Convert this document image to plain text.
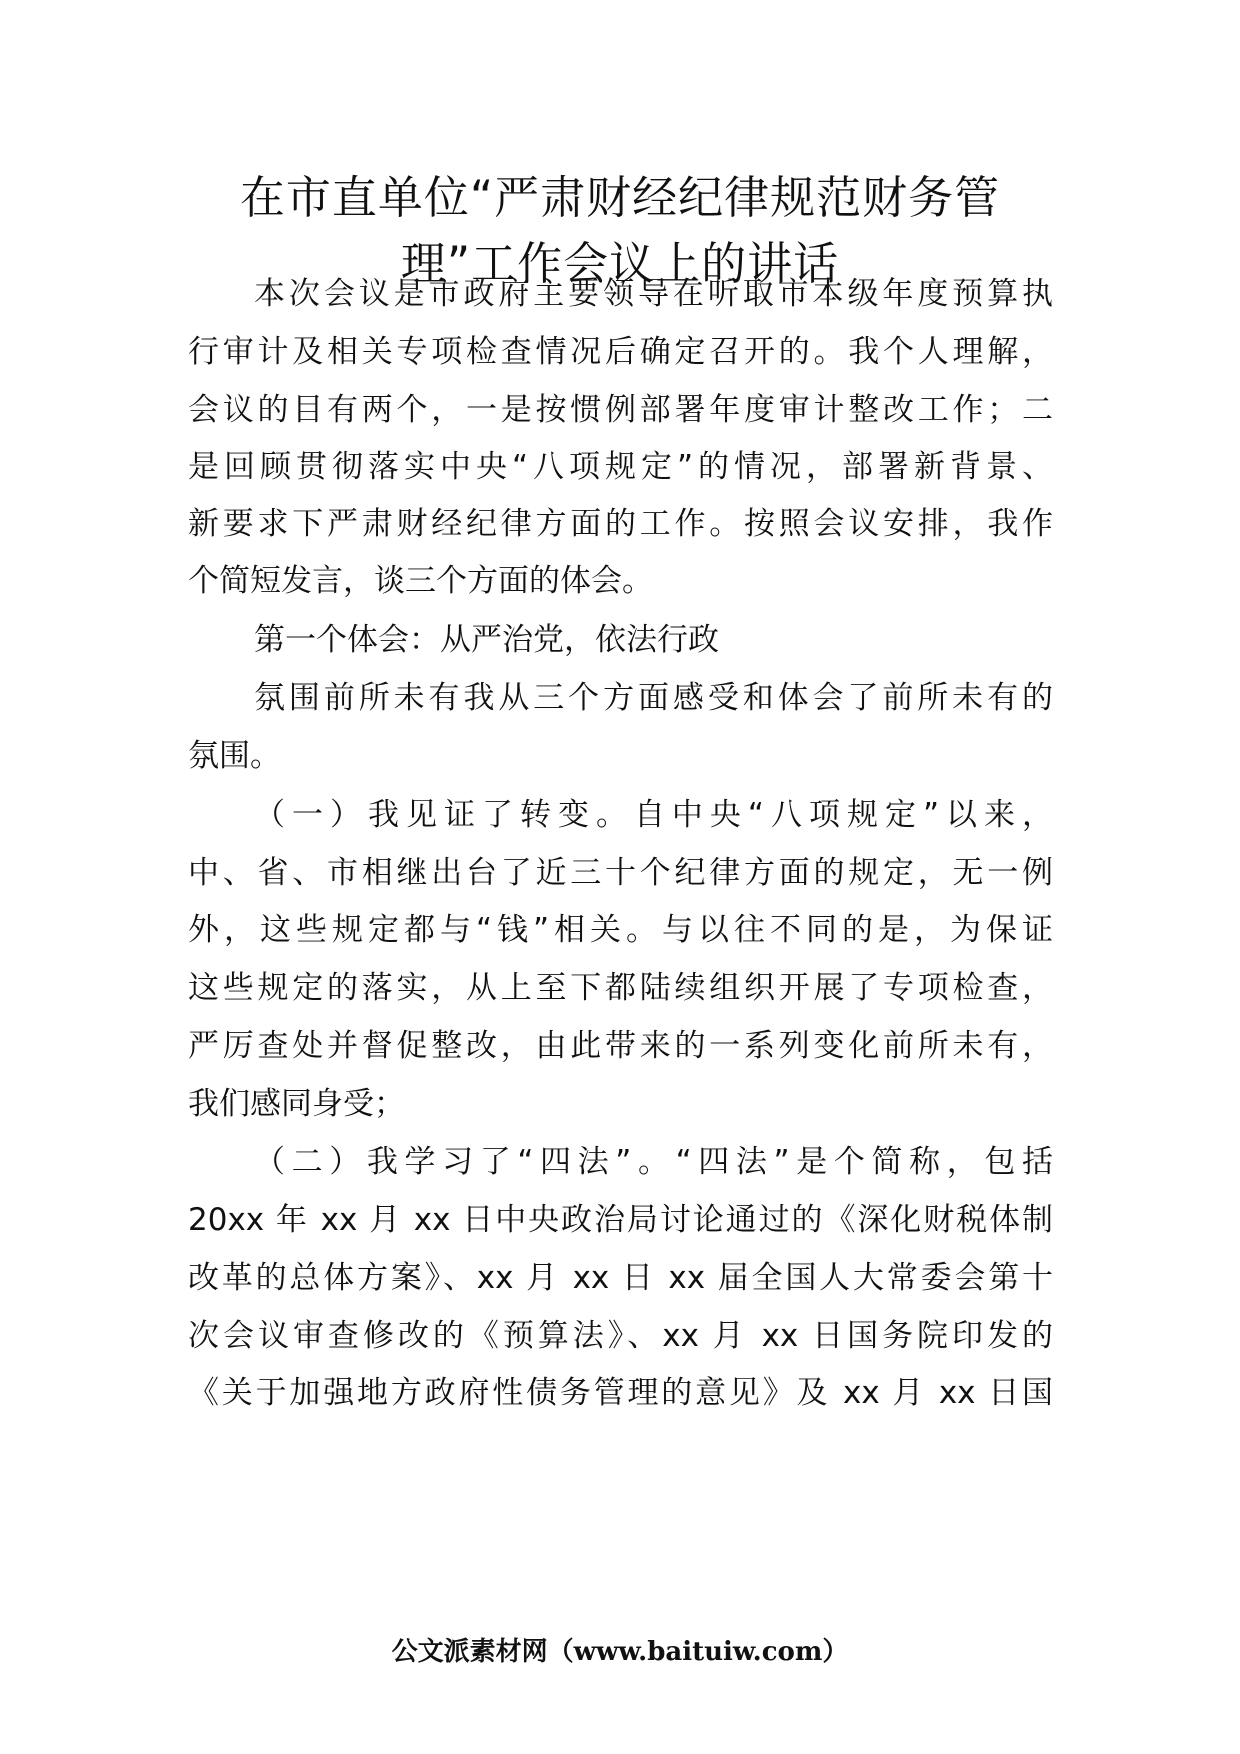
在市直单位“严肃财经纪律规范财务管
理”工作会议上的讲话

本次会议是市政府主要领导在听取市本级年度预算执

行审计及相关专项检查情况后确定召开的。我个人理解，

会议的目有两个，一是按惯例部署年度审计整改工作；二

是回顾贯彻落实中央“八项规定”的情况，部署新背景、

新要求下严肃财经纪律方面的工作。按照会议安排，我作

个简短发言，谈三个方面的体会。

第一个体会：从严治党，依法行政

氛围前所未有我从三个方面感受和体会了前所未有的

氛围。

（一）我见证了转变。自中央“八项规定”以来，

中、省、市相继出台了近三十个纪律方面的规定，无一例

外，这些规定都与“钱”相关。与以往不同的是，为保证

这些规定的落实，从上至下都陆续组织开展了专项检查，

严厉查处并督促整改，由此带来的一系列变化前所未有，

我们感同身受；

（二）我学习了“四法”。“四法”是个简称，包括

20xx 年 xx 月 xx 日中央政治局讨论通过的《深化财税体制

改革的总体方案》、xx 月 xx 日 xx 届全国人大常委会第十

次会议审查修改的《预算法》、xx 月 xx 日国务院印发的

《关于加强地方政府性债务管理的意见》及 xx 月 xx 日国

公文派素材网（www.baituiw.com）
